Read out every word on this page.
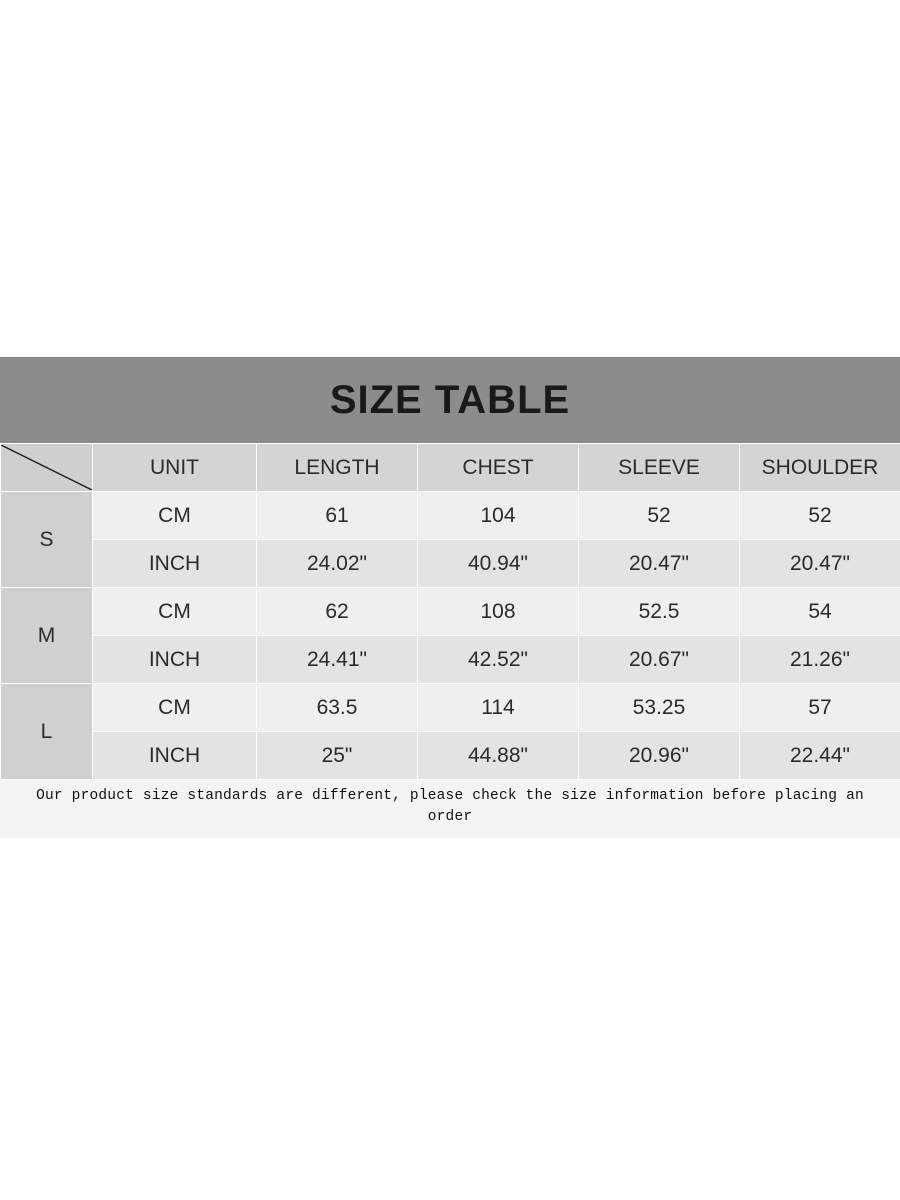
SIZE TABLE
	UNIT	LENGTH	CHEST	SLEEVE	SHOULDER
S	CM	61	104	52	52
	INCH	24.02"	40.94"	20.47"	20.47"
M	CM	62	108	52.5	54
	INCH	24.41"	42.52"	20.67"	21.26"
L	CM	63.5	114	53.25	57
	INCH	25"	44.88"	20.96"	22.44"
Our product size standards are different, please check the size information before placing an order
